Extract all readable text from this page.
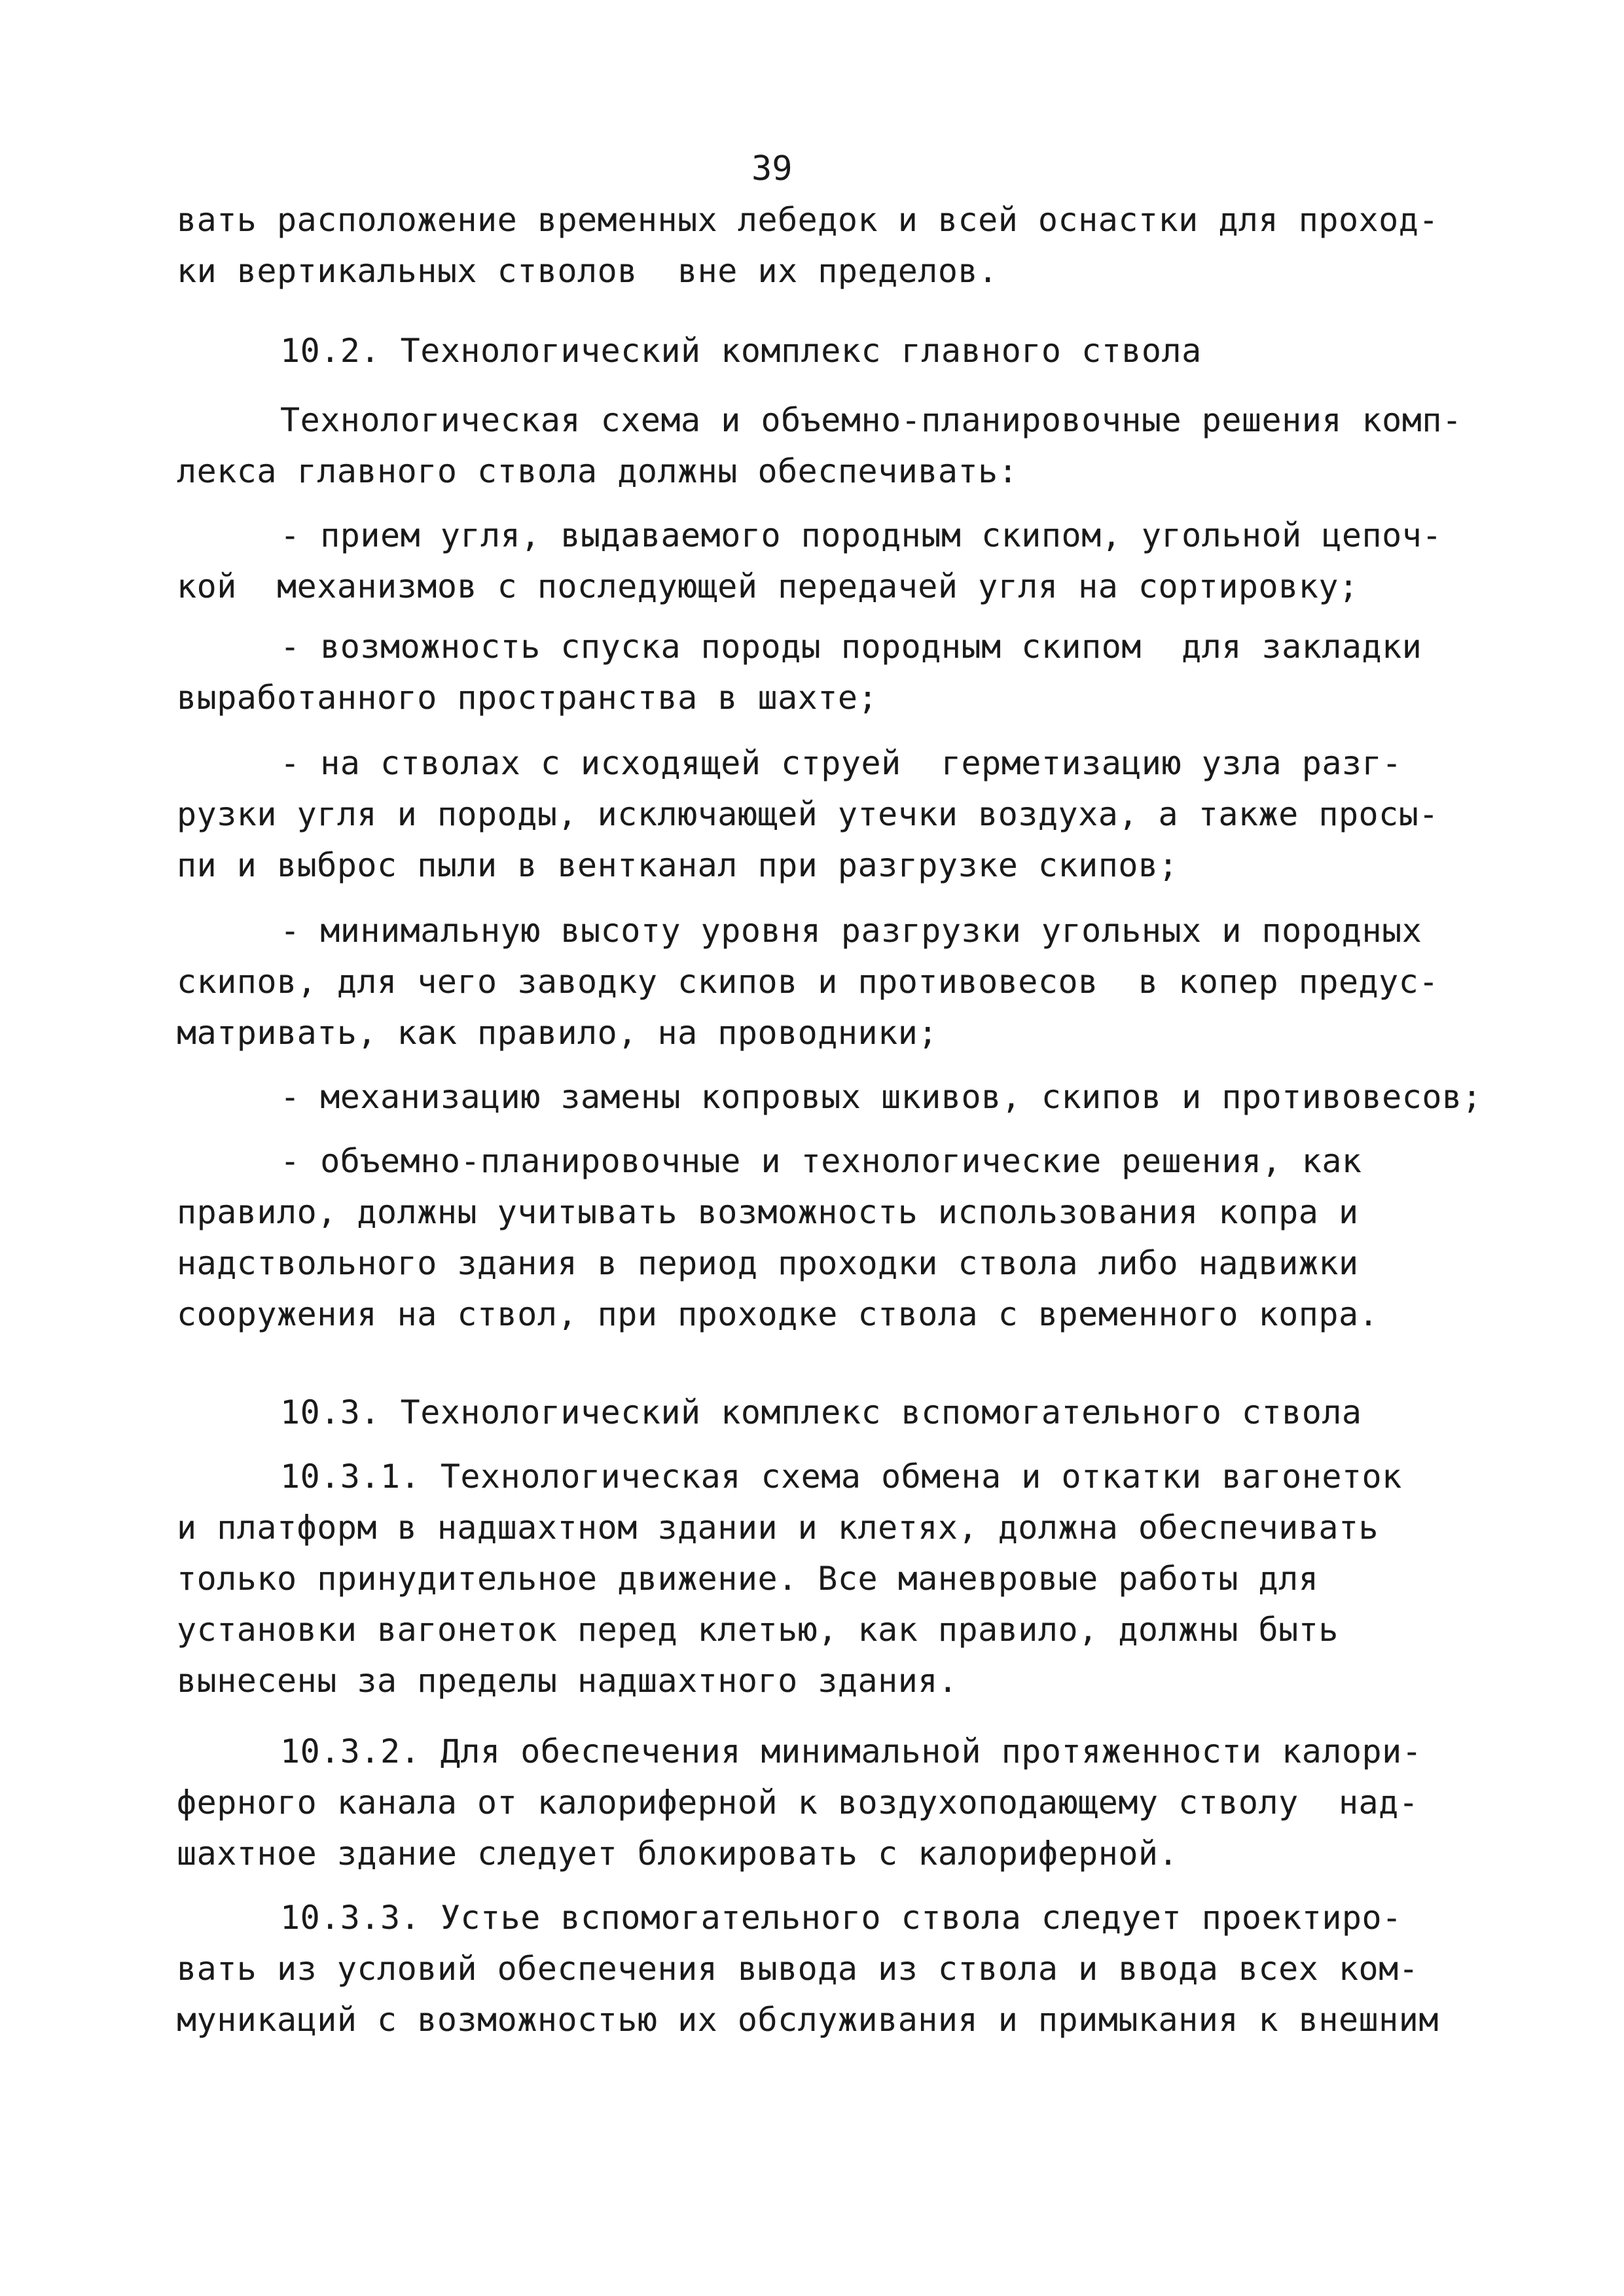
39
вать расположение временных лебедок и всей оснастки для проход-
ки вертикальных стволов  вне их пределов.
10.2. Технологический комплекс главного ствола
Технологическая схема и объемно-планировочные решения комп-
лекса главного ствола должны обеспечивать:
- прием угля, выдаваемого породным скипом, угольной цепоч-
кой  механизмов с последующей передачей угля на сортировку;
- возможность спуска породы породным скипом  для закладки
выработанного пространства в шахте;
- на стволах с исходящей струей  герметизацию узла разг-
рузки угля и породы, исключающей утечки воздуха, а также просы-
пи и выброс пыли в вентканал при разгрузке скипов;
- минимальную высоту уровня разгрузки угольных и породных
скипов, для чего заводку скипов и противовесов  в копер предус-
матривать, как правило, на проводники;
- механизацию замены копровых шкивов, скипов и противовесов;
- объемно-планировочные и технологические решения, как
правило, должны учитывать возможность использования копра и
надствольного здания в период проходки ствола либо надвижки
сооружения на ствол, при проходке ствола с временного копра.
10.3. Технологический комплекс вспомогательного ствола
10.3.1. Технологическая схема обмена и откатки вагонеток
и платформ в надшахтном здании и клетях, должна обеспечивать
только принудительное движение. Все маневровые работы для
установки вагонеток перед клетью, как правило, должны быть
вынесены за пределы надшахтного здания.
10.3.2. Для обеспечения минимальной протяженности калори-
ферного канала от калориферной к воздухоподающему стволу  над-
шахтное здание следует блокировать с калориферной.
10.3.3. Устье вспомогательного ствола следует проектиро-
вать из условий обеспечения вывода из ствола и ввода всех ком-
муникаций с возможностью их обслуживания и примыкания к внешним
